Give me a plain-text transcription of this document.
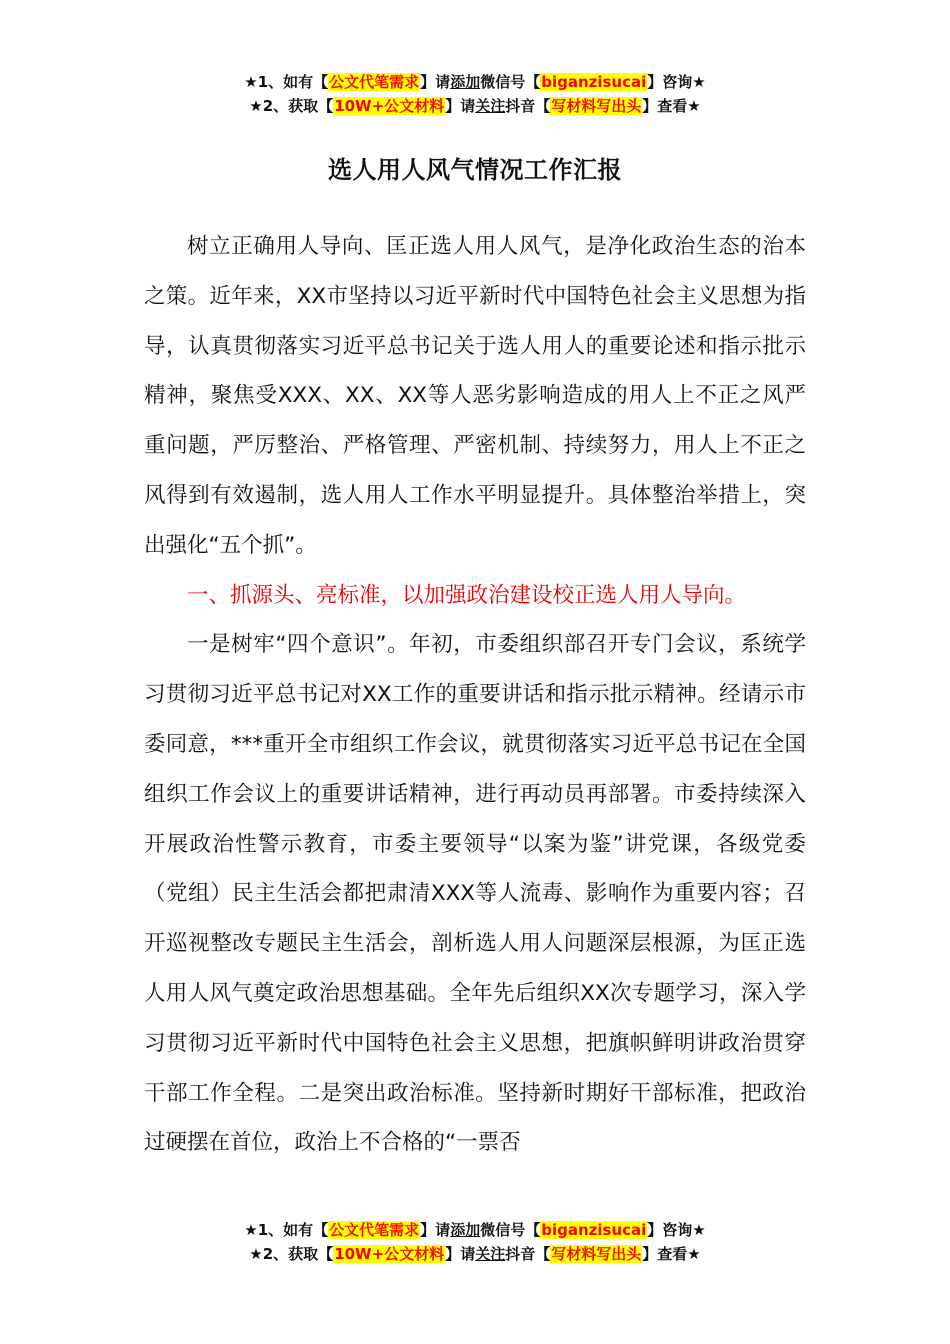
★1、如有【公文代笔需求】请添加微信号【biganzisucai】咨询★
★2、获取【10W+公文材料】请关注抖音【写材料写出头】查看★
选人用人风气情况工作汇报

树立正确用人导向、匡正选人用人风气，是净化政治生态的治本之策。近年来，XX市坚持以习近平新时代中国特色社会主义思想为指导，认真贯彻落实习近平总书记关于选人用人的重要论述和指示批示精神，聚焦受XXX、XX、XX等人恶劣影响造成的用人上不正之风严重问题，严厉整治、严格管理、严密机制、持续努力，用人上不正之风得到有效遏制，选人用人工作水平明显提升。具体整治举措上，突出强化“五个抓”。

一、抓源头、亮标准，以加强政治建设校正选人用人导向。

一是树牢“四个意识”。年初，市委组织部召开专门会议，系统学习贯彻习近平总书记对XX工作的重要讲话和指示批示精神。经请示市委同意，***重开全市组织工作会议，就贯彻落实习近平总书记在全国组织工作会议上的重要讲话精神，进行再动员再部署。市委持续深入开展政治性警示教育，市委主要领导“以案为鉴”讲党课，各级党委（党组）民主生活会都把肃清XXX等人流毒、影响作为重要内容；召开巡视整改专题民主生活会，剖析选人用人问题深层根源，为匡正选人用人风气奠定政治思想基础。全年先后组织XX次专题学习，深入学习贯彻习近平新时代中国特色社会主义思想，把旗帜鲜明讲政治贯穿干部工作全程。二是突出政治标准。坚持新时期好干部标准，把政治过硬摆在首位，政治上不合格的“一票否

★1、如有【公文代笔需求】请添加微信号【biganzisucai】咨询★
★2、获取【10W+公文材料】请关注抖音【写材料写出头】查看★
